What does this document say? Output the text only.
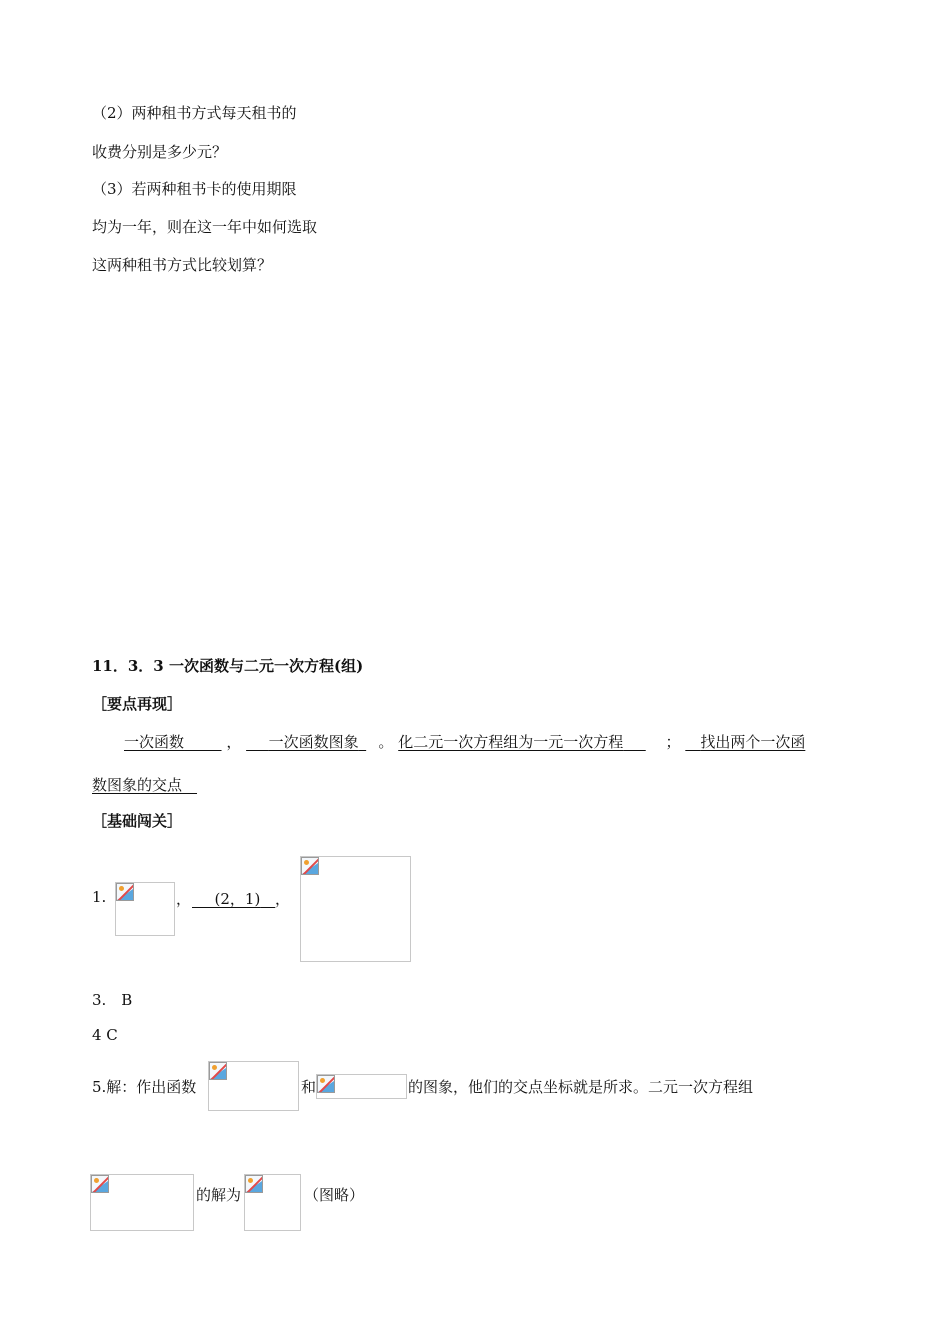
（2）两种租书方式每天租书的
收费分别是多少元？
（3）若两种租书卡的使用期限
均为一年，则在这一年中如何选取
这两种租书方式比较划算？
11．3．3 一次函数与二元一次方程(组)
［要点再现］
一次函数　　 	，  　 一次函数图象    。 化二元一次方程组为一元一次方程      	；    找出两个一次函
数图象的交点  
［基础闯关］
1.	，
   	(2，1)   ，
3.　B
4 C
5.解：作出函数	和	的图象，他们的交点坐标就是所求。二元一次方程组
的解为	（图略）
